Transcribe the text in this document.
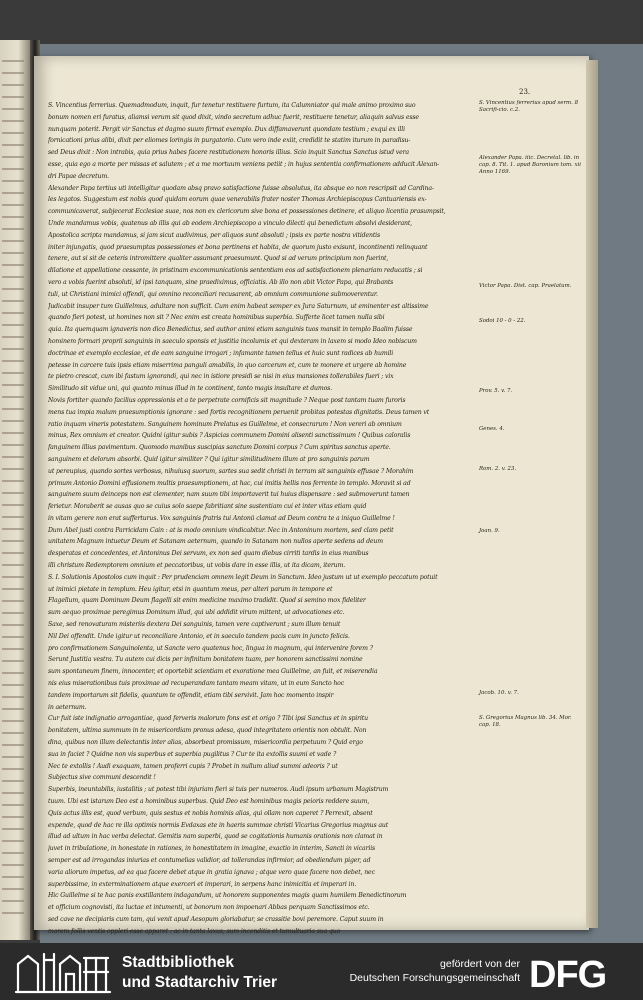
23.
S. Vincentius ferrerius. Quemadmodum, inquit, fur tenetur restituere furtum, ita Calumniator qui male animo proximo suo
bonum nomen eri furatus, aliamsi verum sit quod dixit, vindo secretum adhuc fuerit, restituere tenetur, aliaquin salvus esse
nunquam poterit. Pergit vir Sanctus et dagmo suum firmat exemplo. Dux diffamaverunt quondam testium ; exqui ex illi
fornicationi prius alibi, dixit per eliomes loringis in purgatorio. Cum vero inde exiit, credidit te statim iturum in paradisu-
sed Deus dixit : Non intrabis, quia prius habes facere restitutionem honoris illius. Scio inquit Sanctus Sanctus istud vera
esse, quia ego a morte per missas et salutem ; et a me mortuum veniens petiit ; in hujus sententia confirmationem adducit Alexan-
dri Papae decretum.
Alexander Papa tertius uti intelligitur quodam absq pravo satisfactione fuisse absolutus, ita absque eo non rescripsit ad Cardina-
les legatos. Suggestum est nobis quod quidam eorum quae venerabilis frater noster Thomas Archiepiscopus Cantuariensis ex-
communicaverat, subjecerat Ecclesiae suae, nos non ex clericorum sive bona et possessiones detinere, et aliquo licentia prasumpsit,
Unde mandamus vobis, quatenus ab illis qui ab eodem Archiepiscopo a vinculo dilecti qui benedictum absolvi desiderant,
Apostolica scripta mandamus, si jam sicut audivimus, per aliquos sunt absoluti ; ipsis ex parte nostra vitidentis
initer injungatis, quod praesumptas possessiones et bona pertinens et habita, de quorum justo exisunt, incontinenti relinquant
tenere, aut si sit de ceteris intromittere qualiter assumant praesumunt. Quod si ad verum principium non fuerint,
dilatione et appellatione cessante, in pristinam excommunicationis sententiam eos ad satisfactionem plenariam reducatis ; si
vero a vobis fuerint absoluti, id ipsi tanquam, sine praediximus, officiatis. Ab illo non abit Victor Papa, qui Brabants
tuli, ut Christiani inimici offendi, qui omnino reconciliari recusarent, ab omnium communione submoverentur.
Judicabit insuper tum Guillelmus, adultare non sufficit. Cum enim habeat semper ex Jura Saturnum, ut eminenter est altissime
quando fieri potest, ut homines non sit ? Nec enim est creata hominibus superbia. Sufferte licet tamen nulla sibi
quia. Ita quemquam ignaveris non dico Benedictus, sed author animi etiam sanguinis tuos mansit in templo Baalim fuisse
hominem formari proprii sanguinis in saeculo sponsis et justitia incolumis et qui dexteram in laxem si modo Ideo nobiscum
doctrinae et exemplo ecclesiae, et de eam sanguine irrogari ; infamante tamen tellus et huic sunt radices ab humili
petesse in carcere tuis ipsis etiam miserrima panguli amabilis, in quo carcerum et, cum te monere et urgere ab homine
te pietro crescat, cum ibi fastum ignorandi, qui nec in istiore presidi se nisi in eius mansiones tollerabiles fueri ; vix
Similitudo sit vidue uni, qui quanto minus illud in te continent, tanto magis insultare et dumos.
Novis fortiter quando facilius oppressionis et a te perpetrate cornificis sit magnitude ? Neque post tantam tuam furoris
mens tua impia malum praesumptionis ignorare : sed fortis recognitionem peruenit probitas potestas dignitatis. Deus tamen vt
ratio inquam vineris potestatem. Sanguinem hominum Prelatus es Guillelme, et consecrarum ! Non vereri ab omnium
minus, Rex omnium et creator. Quidni igitur subis ? Aspicias communem Domini alisenti sanctissimum ! Quibus caloralis
fanguinem illius pavimentum. Quomodo manibus suscipias sanctum Domini corpus ? Cum spiritus sanctus aperte.
sanguinem et delorum absorbi. Quid igitur similiter ? Qui igitur similitudinem illum at pro sanguinis parum
ut pereupius, quando sortes verbosus, nihuiusq suorum, sartes sua sedit christi in terram sit sanguinis effusae ? Morahim
primum Antonio Domini effusionem multis praesumptionem, at hac, cui imitis hellis nos ferrente in templo. Moravit si ad
sanguinem suum deinceps non est clementer, nam suum tibi importaverit tui huius dispensare : sed submoverunt tamen
ferietur. Moraberit se ausas quo se cuius solo saepe fabritiant sine sustentiam cui et inter vitas etiam quid
in vitam gerere non erat sufferturus. Vox sanguinis fratris tui Antonii clamat ad Deum contra te a iniquo Guillelme !
Dum Abel justi contra Parricidam Cain : at is modo omnium vindicabitur. Nec in Antoninum mortem, sed clam petit
unitatem Magnum intuetur Deum et Satanam aeternum, quando in Satanam non nullos aperte sedens ad deum
desperatas et concedentes, et Antoninus Dei servum, ex non sed quam diebus cirriti tardis in eius manibus
illi christum Redemptorem omnium et peccatoribus, ut vobis dare in esse illis, ut ita dicam, iterum.
S. I. Solutionis Apostolos cum inquit : Per prudenciam omnem legit Deum in Sanctum. Ideo justum ut ut exemplo peccatum potuit
ut inimici pietate in templum. Heu igitur, etsi in quantum meus, per alteri parum in tempore et
Flagellum, quam Dominum Deum flagelli sit enim medicine maximo tradidit. Quod si semino mox fideliter
sum aequo proximae peregimus Dominum illud, qui ubi addidit virum mittent, ut advocationes etc.
Saxe, sed renovaturam misteriis dextera Dei sanguinis, tamen vere captiverunt ; sum illum tenuit
Nil Dei offendit. Unde igitur ut reconciliare Antonio, et in saeculo tandem pacis cum in juncto felicis.
pro confirmationem Sanguinolenta, ut Sancte vero quatenus hoc, lingua in magnum, qui intervenire forem ?
Serunt Justitia vestra. Tu autem cui dicis per infinitum bonitatem tuam, per honorem sanctissimi nomine
sum spontaneum finem, innocenter, et oportebit scientiam et exoratione mea Guillelme, an fuit, et miserendia
nis eius miserationibus tuis proximae ad recuperandam tantam meam vitam, ut in eum Sancto hoc
tandem importarum sit fidelis, quantum te offendit, etiam tibi servivit. Jam hoc momento inspir
in aeternum.
Cur fuit iste indignatio arrogantiae, quod ferveris malorum fons est et origo ? Tibi ipsi Sanctus et in spiritu
bonitatem, ultima summum in te misericordiam pronus adesa, quod integritatem orientis non obtulit. Non
dina, quibus non illum delectantis inter alias, absorbeat promissum, misericordia perpetuum ? Quid ergo
sua in faciet ? Quidne non vis superbus et superbia pugilitus ? Cur te ita extollis suumi et vade ?
Nec te extollis ! Audi exaquam, tamen proferri cupis ? Probet in nullum aliud summi adeoris ? ut
Subjectus sive communi descendit !
Superbis, ineuntabilis, iustalitis ; ut potest tibi injuriam fieri si tuis per numeros. Audi ipsum urbanum Magistrum
tuum. Ubi est istarum Deo est a hominibus superbus. Quid Deo est hominibus magis peioris reddere suum,
Quis actus illis est, quod verbum, quis sestus et nobis hominis alias, qui ollam non caperet ? Perrexit, absent
expende, quod de hac re illa optimis normis Evdaxas ete in haeris summae christi Vicarius Gregorius magnus aut
illud ad ultum in hac verba delectat. Gemitis nam superbi, quod se cogitationis humanis orationis non clamat in
juvet in tribulatione, in honestate in rationes, in honestitatem in imagine, exactio in interim, Sancti in vicariis
semper est ad irrogandas iniurias et contumelias validior, ad tollerandas infirmior, ad obediendum piger, ad
varia aliorum impetus, ad ea qua facere debet atque in gratia ignava ; atque vero quae facere non debet, nec
superbissime, in exterminationem atque exerceri et imperari, in serpens hanc inimicitia et imperari in.
Hic Guillelme si te hac panis exstillantem indagandum, ut honorem supponentes magis quam humilem Benedictinorum
et officium cognovisti, ita luctae et intumenti, ut bonorum non impoenari Abbas perquam Sanctissimos etc.
sed cave ne decipiaris cum tam, qui venit apud Aesopum gloriabatur, se crassitie bovi peremore. Caput suum in
morem follis ventis oppleri esse apparet : ac in tanta laxus, sum incenditis et tumultuaria sua quo
S. Vincentius ferrerius apud serm. 8 Sacrifi-cio. c.2.
Alexander Papa. iiic. Decretal. lib. in cap. 8. Tit. 1. apud Baronium tom. xii Anno 1169.
Victor Papa. Dist. cap. Praelatum.
Sodoi 10 - 0 - 22.
Prov. 5. v. 7.
Genes. 4.
Rom. 2. v. 23.
Joan. 9.
Jacob. 10. v. 7.
S. Gregorius Magnus lib. 34. Mor. cap. 18.
Stadtbibliothek
und Stadtarchiv Trier
gefördert von der
Deutschen Forschungsgemeinschaft DFG
